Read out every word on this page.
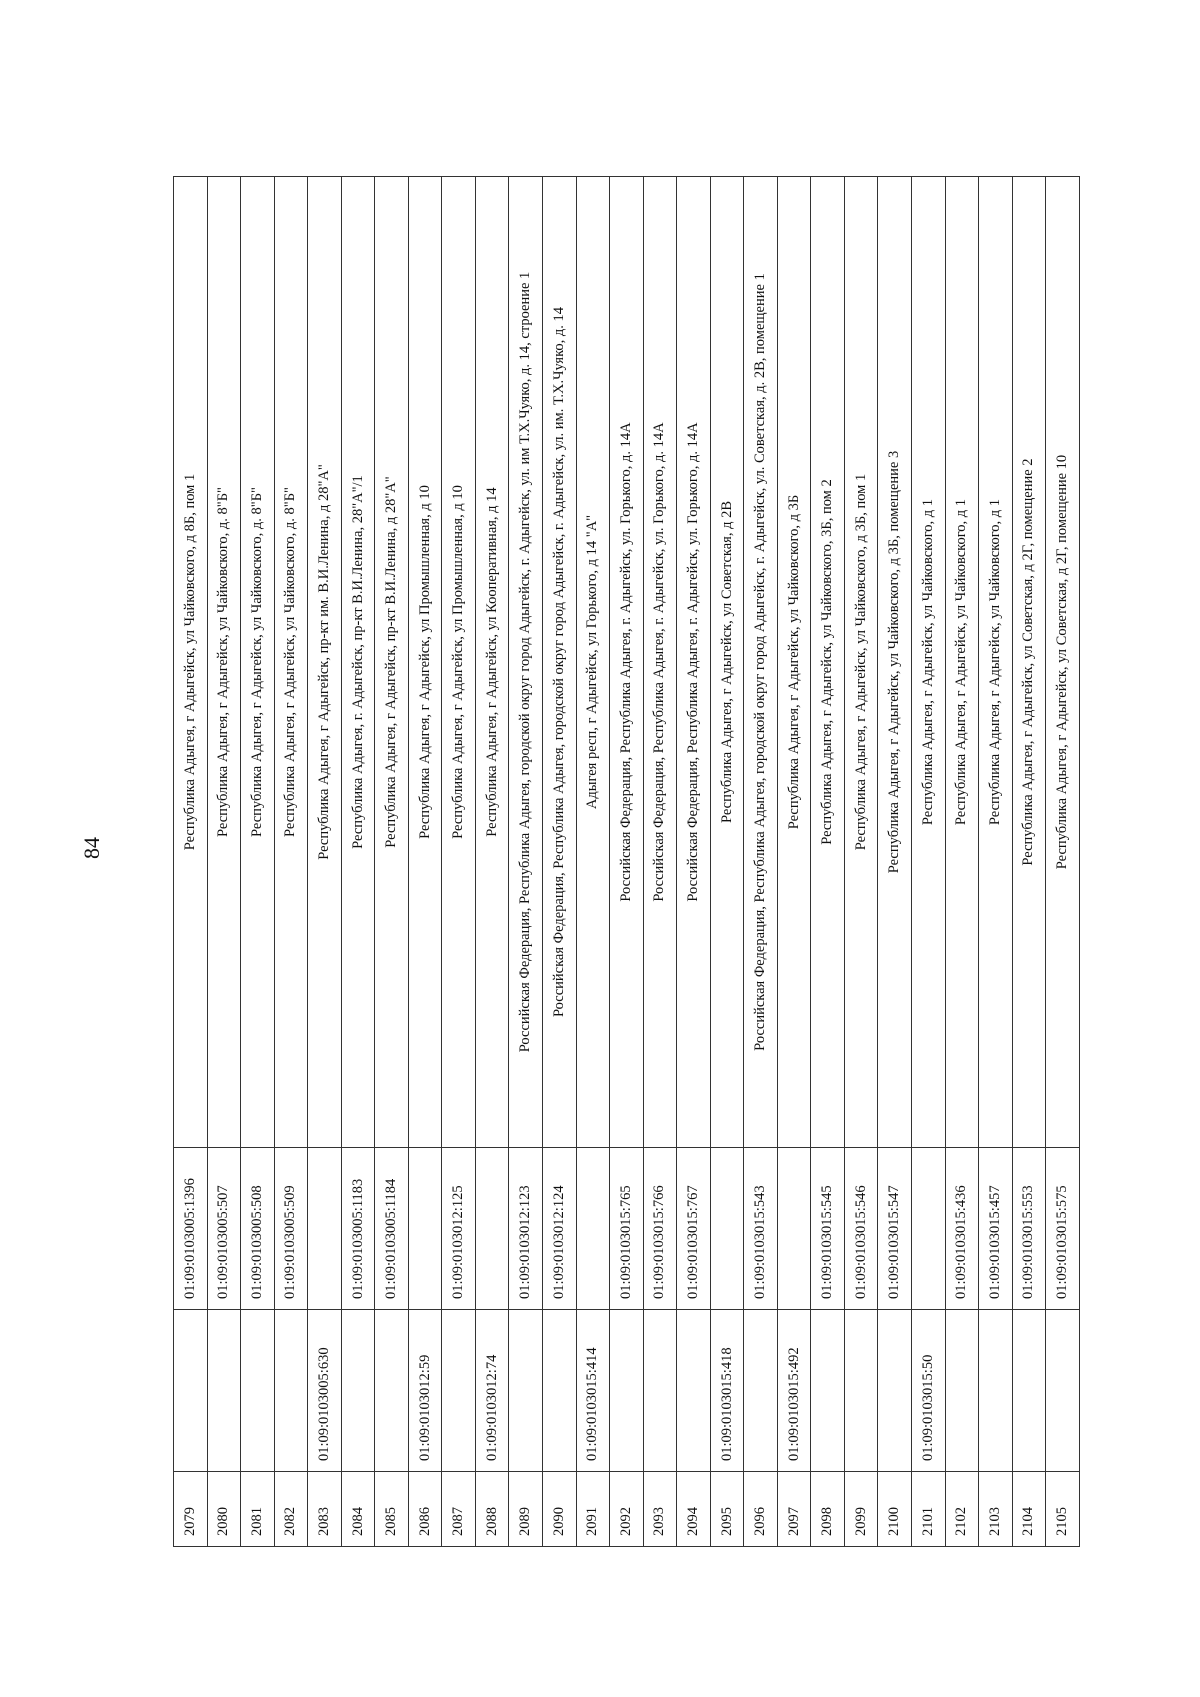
84
2079		01:09:0103005:1396	Республика Адыгея, г Адыгейск, ул Чайковского, д 8Б, пом 1
2080		01:09:0103005:507	Республика Адыгея, г Адыгейск, ул Чайковского, д. 8"Б"
2081		01:09:0103005:508	Республика Адыгея, г Адыгейск, ул Чайковского, д. 8"Б"
2082		01:09:0103005:509	Республика Адыгея, г Адыгейск, ул Чайковского, д. 8"Б"
2083	01:09:0103005:630		Республика Адыгея, г Адыгейск, пр-кт им. В.И.Ленина, д 28"А"
2084		01:09:0103005:1183	Республика Адыгея, г. Адыгейск, пр-кт В.И.Ленина, 28"А"/1
2085		01:09:0103005:1184	Республика Адыгея, г Адыгейск, пр-кт В.И.Ленина, д 28"А"
2086	01:09:0103012:59		Республика Адыгея, г Адыгейск, ул Промышленная, д 10
2087		01:09:0103012:125	Республика Адыгея, г Адыгейск, ул Промышленная, д 10
2088	01:09:0103012:74		Республика Адыгея, г Адыгейск, ул Кооперативная, д 14
2089		01:09:0103012:123	Российская Федерация, Республика Адыгея, городской округ город Адыгейск, г. Адыгейск, ул. им Т.Х.Чуяко, д. 14, строение 1
2090		01:09:0103012:124	Российская Федерация, Республика Адыгея, городской округ город Адыгейск, г. Адыгейск, ул. им. Т.Х.Чуяко, д. 14
2091	01:09:0103015:414		Адыгея респ, г Адыгейск, ул Горького, д 14 "А"
2092		01:09:0103015:765	Российская Федерация, Республика Адыгея, г. Адыгейск, ул. Горького, д. 14А
2093		01:09:0103015:766	Российская Федерация, Республика Адыгея, г. Адыгейск, ул. Горького, д. 14А
2094		01:09:0103015:767	Российская Федерация, Республика Адыгея, г. Адыгейск, ул. Горького, д. 14А
2095	01:09:0103015:418		Республика Адыгея, г Адыгейск, ул Советская, д 2В
2096		01:09:0103015:543	Российская Федерация, Республика Адыгея, городской округ город Адыгейск, г. Адыгейск, ул. Советская, д. 2В, помещение 1
2097	01:09:0103015:492		Республика Адыгея, г Адыгейск, ул Чайковского, д 3Б
2098		01:09:0103015:545	Республика Адыгея, г Адыгейск, ул Чайковского, 3Б, пом 2
2099		01:09:0103015:546	Республика Адыгея, г Адыгейск, ул Чайковского, д 3Б, пом 1
2100		01:09:0103015:547	Республика Адыгея, г Адыгейск, ул Чайковского, д 3Б, помещение 3
2101	01:09:0103015:50		Республика Адыгея, г Адыгейск, ул Чайковского, д 1
2102		01:09:0103015:436	Республика Адыгея, г Адыгейск, ул Чайковского, д 1
2103		01:09:0103015:457	Республика Адыгея, г Адыгейск, ул Чайковского, д 1
2104		01:09:0103015:553	Республика Адыгея, г Адыгейск, ул Советская, д 2Г, помещение 2
2105		01:09:0103015:575	Республика Адыгея, г Адыгейск, ул Советская, д 2Г, помещение 10
